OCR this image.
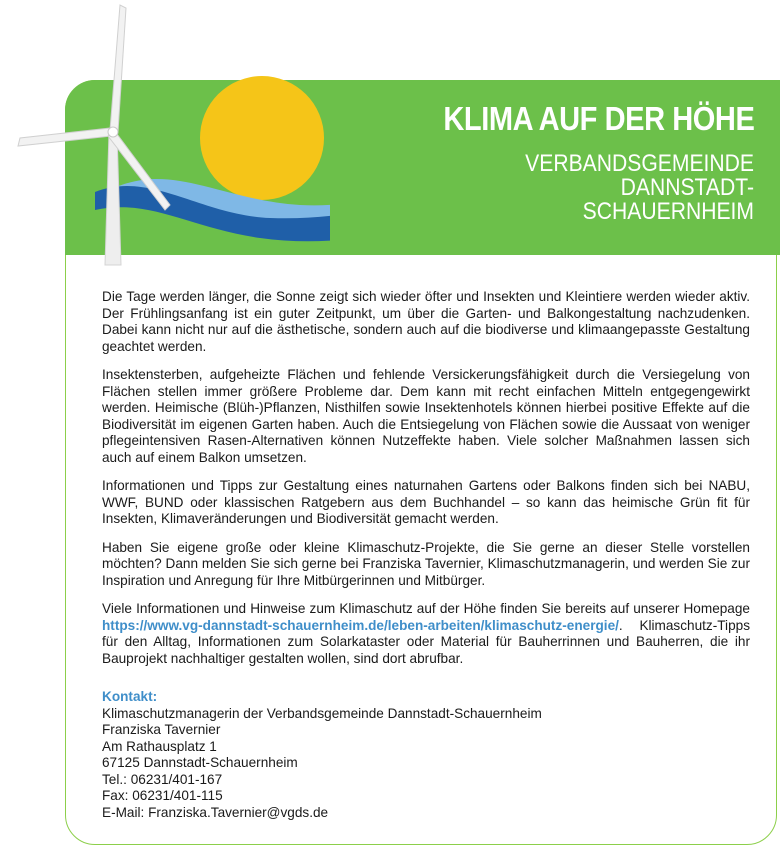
KLIMA AUF DER HÖHE
VERBANDSGEMEINDE
DANNSTADT-
SCHAUERNHEIM

Die Tage werden länger, die Sonne zeigt sich wieder öfter und Insekten und Kleintiere werden wieder aktiv. Der Frühlingsanfang ist ein guter Zeitpunkt, um über die Garten- und Balkongestaltung nachzudenken. Dabei kann nicht nur auf die ästhetische, sondern auch auf die biodiverse und klimaangepasste Gestaltung geachtet werden.

Insektensterben, aufgeheizte Flächen und fehlende Versickerungsfähigkeit durch die Versiegelung von Flächen stellen immer größere Probleme dar. Dem kann mit recht einfachen Mitteln entgegengewirkt werden. Heimische (Blüh-)Pflanzen, Nisthilfen sowie Insektenhotels können hierbei positive Effekte auf die Biodiversität im eigenen Garten haben. Auch die Entsiegelung von Flächen sowie die Aussaat von weniger pflegeintensiven Rasen-Alternativen können Nutzeffekte haben. Viele solcher Maßnahmen lassen sich auch auf einem Balkon umsetzen.

Informationen und Tipps zur Gestaltung eines naturnahen Gartens oder Balkons finden sich bei NABU, WWF, BUND oder klassischen Ratgebern aus dem Buchhandel – so kann das heimische Grün fit für Insekten, Klimaveränderungen und Biodiversität gemacht werden.

Haben Sie eigene große oder kleine Klimaschutz-Projekte, die Sie gerne an dieser Stelle vorstellen möchten? Dann melden Sie sich gerne bei Franziska Tavernier, Klimaschutzmanagerin, und werden Sie zur Inspiration und Anregung für Ihre Mitbürgerinnen und Mitbürger.

Viele Informationen und Hinweise zum Klimaschutz auf der Höhe finden Sie bereits auf unserer Homepage https://www.vg-dannstadt-schauernheim.de/leben-arbeiten/klimaschutz-energie/. Klimaschutz-Tipps für den Alltag, Informationen zum Solarkataster oder Material für Bauherrinnen und Bauherren, die ihr Bauprojekt nachhaltiger gestalten wollen, sind dort abrufbar.

Kontakt:
Klimaschutzmanagerin der Verbandsgemeinde Dannstadt-Schauernheim
Franziska Tavernier
Am Rathausplatz 1
67125 Dannstadt-Schauernheim
Tel.: 06231/401-167
Fax: 06231/401-115
E-Mail: Franziska.Tavernier@vgds.de
